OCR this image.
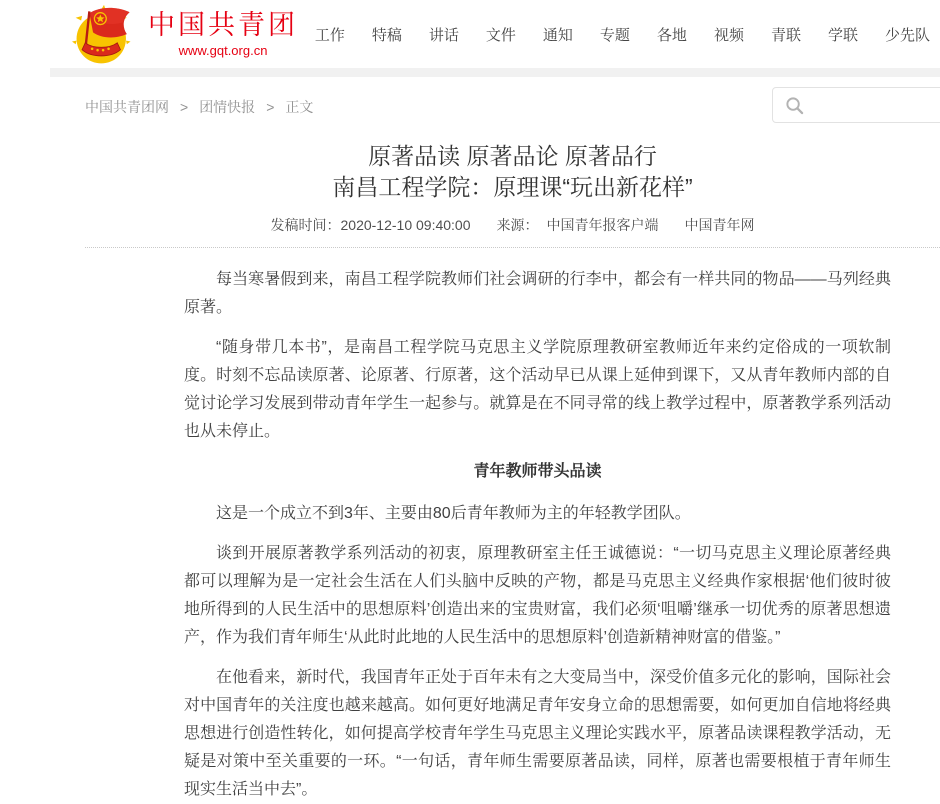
中国共青团
www.gqt.org.cn
工作 特稿 讲话 文件 通知 专题 各地 视频 青联 学联 少先队
中国共青团网 > 团情快报 > 正文
原著品读 原著品论 原著品行
南昌工程学院：原理课“玩出新花样”
发稿时间：2020-12-10 09:40:00 来源： 中国青年报客户端 中国青年网

每当寒暑假到来，南昌工程学院教师们社会调研的行李中，都会有一样共同的物品——马列经典原著。

“随身带几本书”，是南昌工程学院马克思主义学院原理教研室教师近年来约定俗成的一项软制度。时刻不忘品读原著、论原著、行原著，这个活动早已从课上延伸到课下，又从青年教师内部的自觉讨论学习发展到带动青年学生一起参与。就算是在不同寻常的线上教学过程中，原著教学系列活动也从未停止。

青年教师带头品读

这是一个成立不到3年、主要由80后青年教师为主的年轻教学团队。

谈到开展原著教学系列活动的初衷，原理教研室主任王诚德说：“一切马克思主义理论原著经典都可以理解为是一定社会生活在人们头脑中反映的产物，都是马克思主义经典作家根据‘他们彼时彼地所得到的人民生活中的思想原料’创造出来的宝贵财富，我们必须‘咀嚼’继承一切优秀的原著思想遗产，作为我们青年师生‘从此时此地的人民生活中的思想原料’创造新精神财富的借鉴。”

在他看来，新时代，我国青年正处于百年未有之大变局当中，深受价值多元化的影响，国际社会对中国青年的关注度也越来越高。如何更好地满足青年安身立命的思想需要，如何更加自信地将经典思想进行创造性转化，如何提高学校青年学生马克思主义理论实践水平，原著品读课程教学活动，无疑是对策中至关重要的一环。“一句话，青年师生需要原著品读，同样，原著也需要根植于青年师生现实生活当中去”。
